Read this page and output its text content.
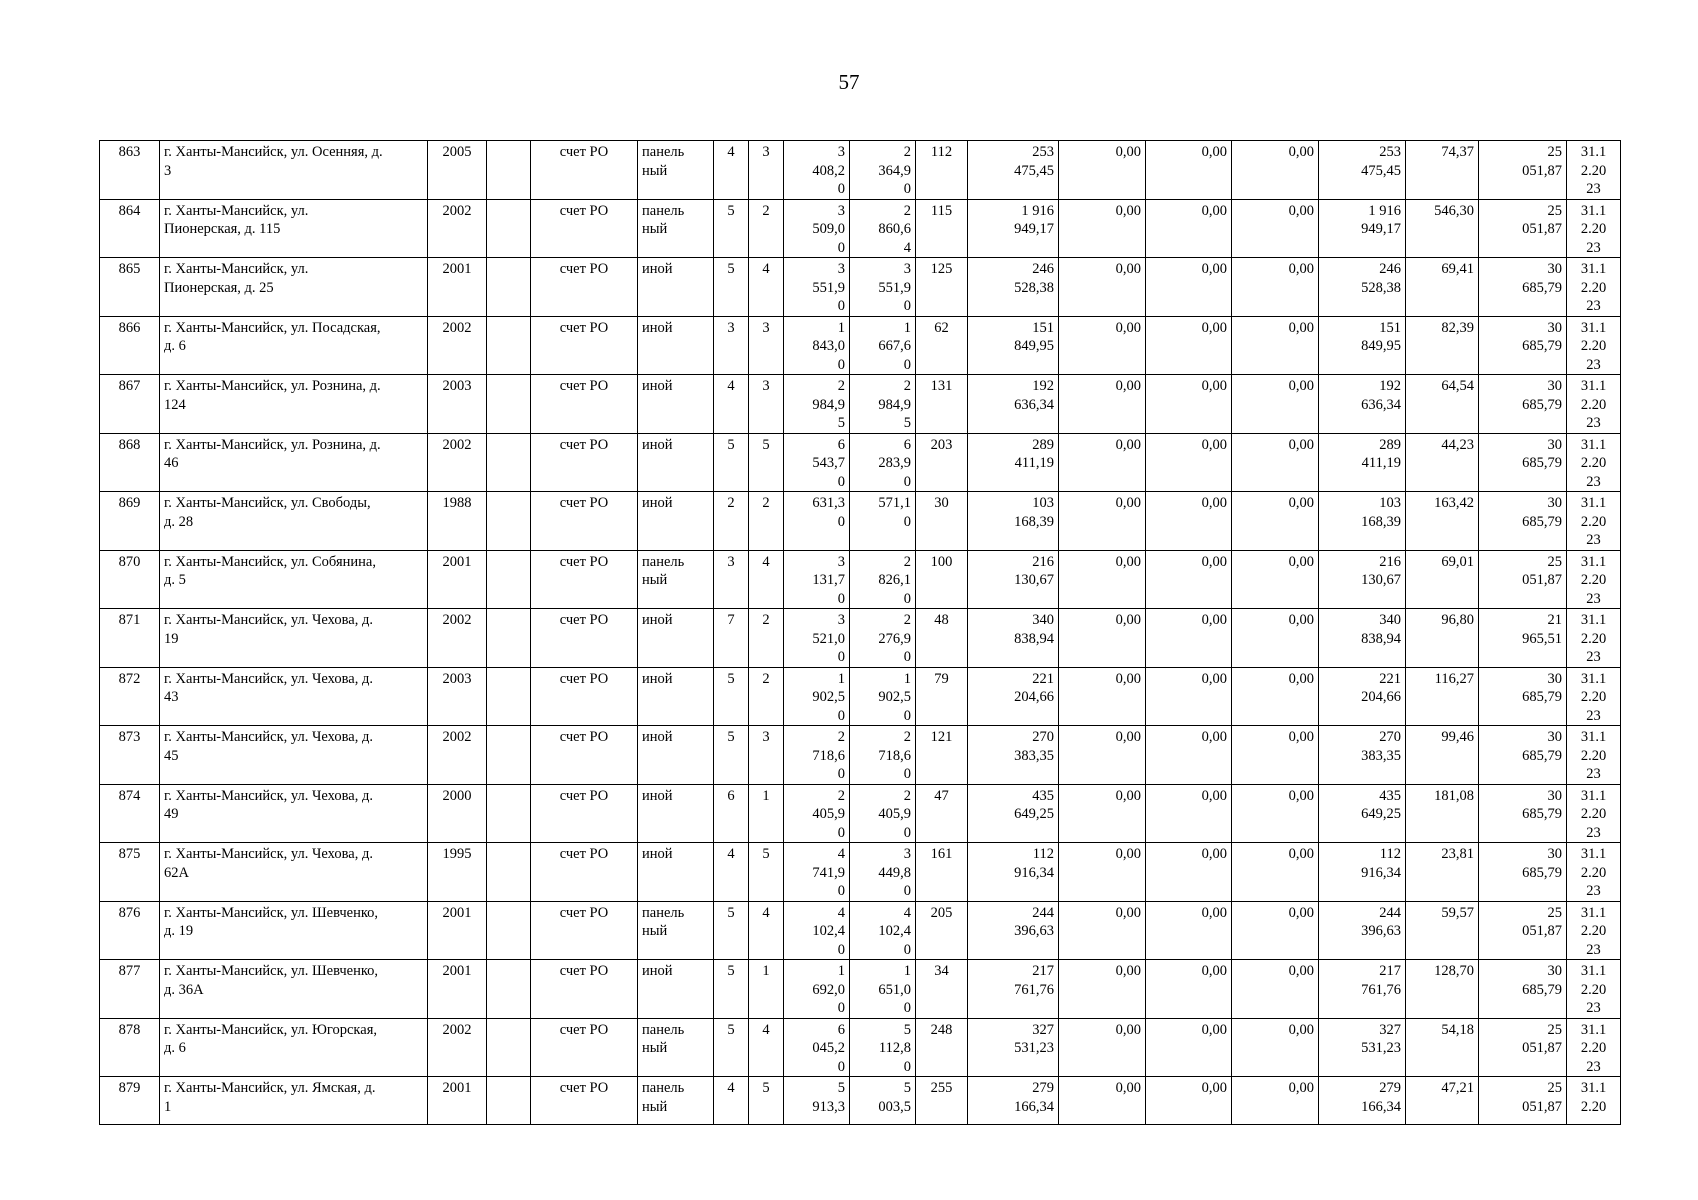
57
863	г. Ханты-Мансийск, ул. Осенняя, д.
3	2005		счет РО	панель
ный	4	3	3
408,2
0	2
364,9
0	112	253
475,45	0,00	0,00	0,00	253
475,45	74,37	25
051,87	31.1
2.20
23
864	г. Ханты-Мансийск, ул.
Пионерская, д. 115	2002		счет РО	панель
ный	5	2	3
509,0
0	2
860,6
4	115	1 916
949,17	0,00	0,00	0,00	1 916
949,17	546,30	25
051,87	31.1
2.20
23
865	г. Ханты-Мансийск, ул.
Пионерская, д. 25	2001		счет РО	иной	5	4	3
551,9
0	3
551,9
0	125	246
528,38	0,00	0,00	0,00	246
528,38	69,41	30
685,79	31.1
2.20
23
866	г. Ханты-Мансийск, ул. Посадская,
д. 6	2002		счет РО	иной	3	3	1
843,0
0	1
667,6
0	62	151
849,95	0,00	0,00	0,00	151
849,95	82,39	30
685,79	31.1
2.20
23
867	г. Ханты-Мансийск, ул. Рознина, д.
124	2003		счет РО	иной	4	3	2
984,9
5	2
984,9
5	131	192
636,34	0,00	0,00	0,00	192
636,34	64,54	30
685,79	31.1
2.20
23
868	г. Ханты-Мансийск, ул. Рознина, д.
46	2002		счет РО	иной	5	5	6
543,7
0	6
283,9
0	203	289
411,19	0,00	0,00	0,00	289
411,19	44,23	30
685,79	31.1
2.20
23
869	г. Ханты-Мансийск, ул. Свободы,
д. 28	1988		счет РО	иной	2	2	631,3
0	571,1
0	30	103
168,39	0,00	0,00	0,00	103
168,39	163,42	30
685,79	31.1
2.20
23
870	г. Ханты-Мансийск, ул. Собянина,
д. 5	2001		счет РО	панель
ный	3	4	3
131,7
0	2
826,1
0	100	216
130,67	0,00	0,00	0,00	216
130,67	69,01	25
051,87	31.1
2.20
23
871	г. Ханты-Мансийск, ул. Чехова, д.
19	2002		счет РО	иной	7	2	3
521,0
0	2
276,9
0	48	340
838,94	0,00	0,00	0,00	340
838,94	96,80	21
965,51	31.1
2.20
23
872	г. Ханты-Мансийск, ул. Чехова, д.
43	2003		счет РО	иной	5	2	1
902,5
0	1
902,5
0	79	221
204,66	0,00	0,00	0,00	221
204,66	116,27	30
685,79	31.1
2.20
23
873	г. Ханты-Мансийск, ул. Чехова, д.
45	2002		счет РО	иной	5	3	2
718,6
0	2
718,6
0	121	270
383,35	0,00	0,00	0,00	270
383,35	99,46	30
685,79	31.1
2.20
23
874	г. Ханты-Мансийск, ул. Чехова, д.
49	2000		счет РО	иной	6	1	2
405,9
0	2
405,9
0	47	435
649,25	0,00	0,00	0,00	435
649,25	181,08	30
685,79	31.1
2.20
23
875	г. Ханты-Мансийск, ул. Чехова, д.
62А	1995		счет РО	иной	4	5	4
741,9
0	3
449,8
0	161	112
916,34	0,00	0,00	0,00	112
916,34	23,81	30
685,79	31.1
2.20
23
876	г. Ханты-Мансийск, ул. Шевченко,
д. 19	2001		счет РО	панель
ный	5	4	4
102,4
0	4
102,4
0	205	244
396,63	0,00	0,00	0,00	244
396,63	59,57	25
051,87	31.1
2.20
23
877	г. Ханты-Мансийск, ул. Шевченко,
д. 36А	2001		счет РО	иной	5	1	1
692,0
0	1
651,0
0	34	217
761,76	0,00	0,00	0,00	217
761,76	128,70	30
685,79	31.1
2.20
23
878	г. Ханты-Мансийск, ул. Югорская,
д. 6	2002		счет РО	панель
ный	5	4	6
045,2
0	5
112,8
0	248	327
531,23	0,00	0,00	0,00	327
531,23	54,18	25
051,87	31.1
2.20
23
879	г. Ханты-Мансийск, ул. Ямская, д.
1	2001		счет РО	панель
ный	4	5	5
913,3	5
003,5	255	279
166,34	0,00	0,00	0,00	279
166,34	47,21	25
051,87	31.1
2.20
